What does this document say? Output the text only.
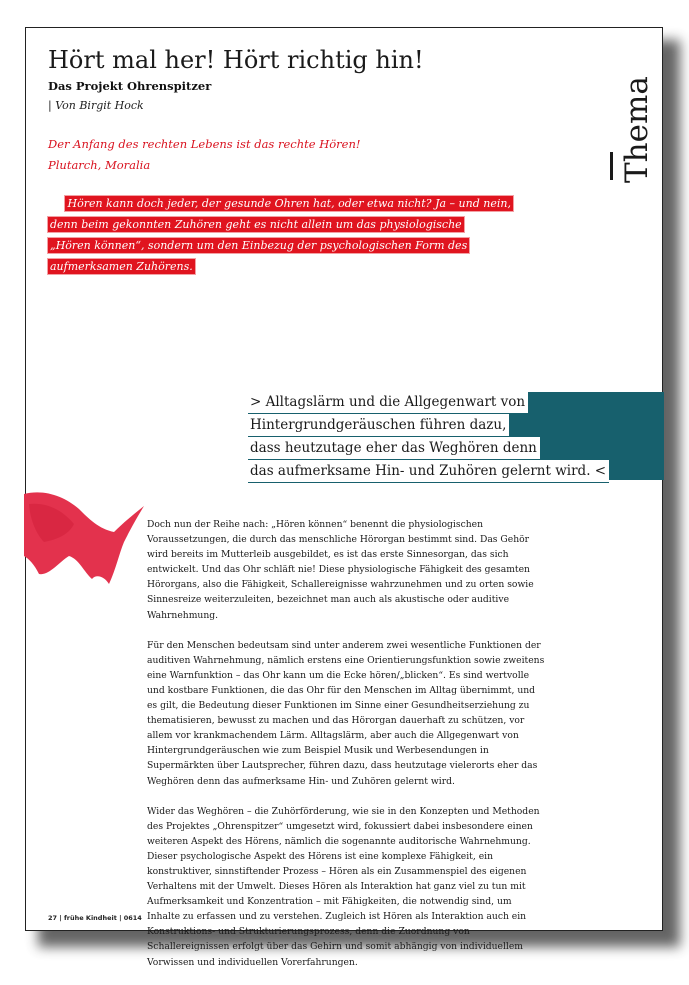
Hört mal her! Hört richtig hin!
Das Projekt Ohrenspitzer
| Von Birgit Hock
Der Anfang des rechten Lebens ist das rechte Hören!
Plutarch, Moralia
Hören kann doch jeder, der gesunde Ohren hat, oder etwa nicht? Ja – und nein,
denn beim gekonnten Zuhören geht es nicht allein um das physiologische
„Hören können“, sondern um den Einbezug der psychologischen Form des
aufmerksamen Zuhörens.
Thema
> Alltagslärm und die Allgegenwart von
Hintergrundgeräuschen führen dazu,
dass heutzutage eher das Weghören denn
das aufmerksame Hin- und Zuhören gelernt wird. <

Doch nun der Reihe nach: „Hören können“ benennt die physiologischen Voraussetzungen, die durch das menschliche Hörorgan bestimmt sind. Das Gehör wird bereits im Mutterleib ausgebildet, es ist das erste Sinnesorgan, das sich entwickelt. Und das Ohr schläft nie! Diese physiologische Fähigkeit des gesamten Hörorgans, also die Fähigkeit, Schallereignisse wahrzunehmen und zu orten sowie Sinnesreize weiterzuleiten, bezeichnet man auch als akustische oder auditive Wahrnehmung.

Für den Menschen bedeutsam sind unter anderem zwei wesentliche Funktionen der auditiven Wahrnehmung, nämlich erstens eine Orientierungsfunktion sowie zweitens eine Warnfunktion – das Ohr kann um die Ecke hören/„blicken“. Es sind wertvolle und kostbare Funktionen, die das Ohr für den Menschen im Alltag übernimmt, und es gilt, die Bedeutung dieser Funktionen im Sinne einer Gesundheitserziehung zu thematisieren, bewusst zu machen und das Hörorgan dauerhaft zu schützen, vor allem vor krankmachendem Lärm. Alltagslärm, aber auch die Allgegenwart von Hintergrundgeräuschen wie zum Beispiel Musik und Werbesendungen in Supermärkten über Lautsprecher, führen dazu, dass heutzutage vielerorts eher das Weghören denn das aufmerksame Hin- und Zuhören gelernt wird.

Wider das Weghören – die Zuhörförderung, wie sie in den Konzepten und Methoden des Projektes „Ohrenspitzer“ umgesetzt wird, fokussiert dabei insbesondere einen weiteren Aspekt des Hörens, nämlich die sogenannte auditorische Wahrnehmung. Dieser psychologische Aspekt des Hörens ist eine komplexe Fähigkeit, ein konstruktiver, sinnstiftender Prozess – Hören als ein Zusammenspiel des eigenen Verhaltens mit der Umwelt. Dieses Hören als Interaktion hat ganz viel zu tun mit Aufmerksamkeit und Konzentration – mit Fähigkeiten, die notwendig sind, um Inhalte zu erfassen und zu verstehen. Zugleich ist Hören als Interaktion auch ein Konstruktions- und Strukturierungsprozess, denn die Zuordnung von Schallereignissen erfolgt über das Gehirn und somit abhängig von individuellem Vorwissen und individuellen Vorerfahrungen.

27 | frühe Kindheit | 0614
